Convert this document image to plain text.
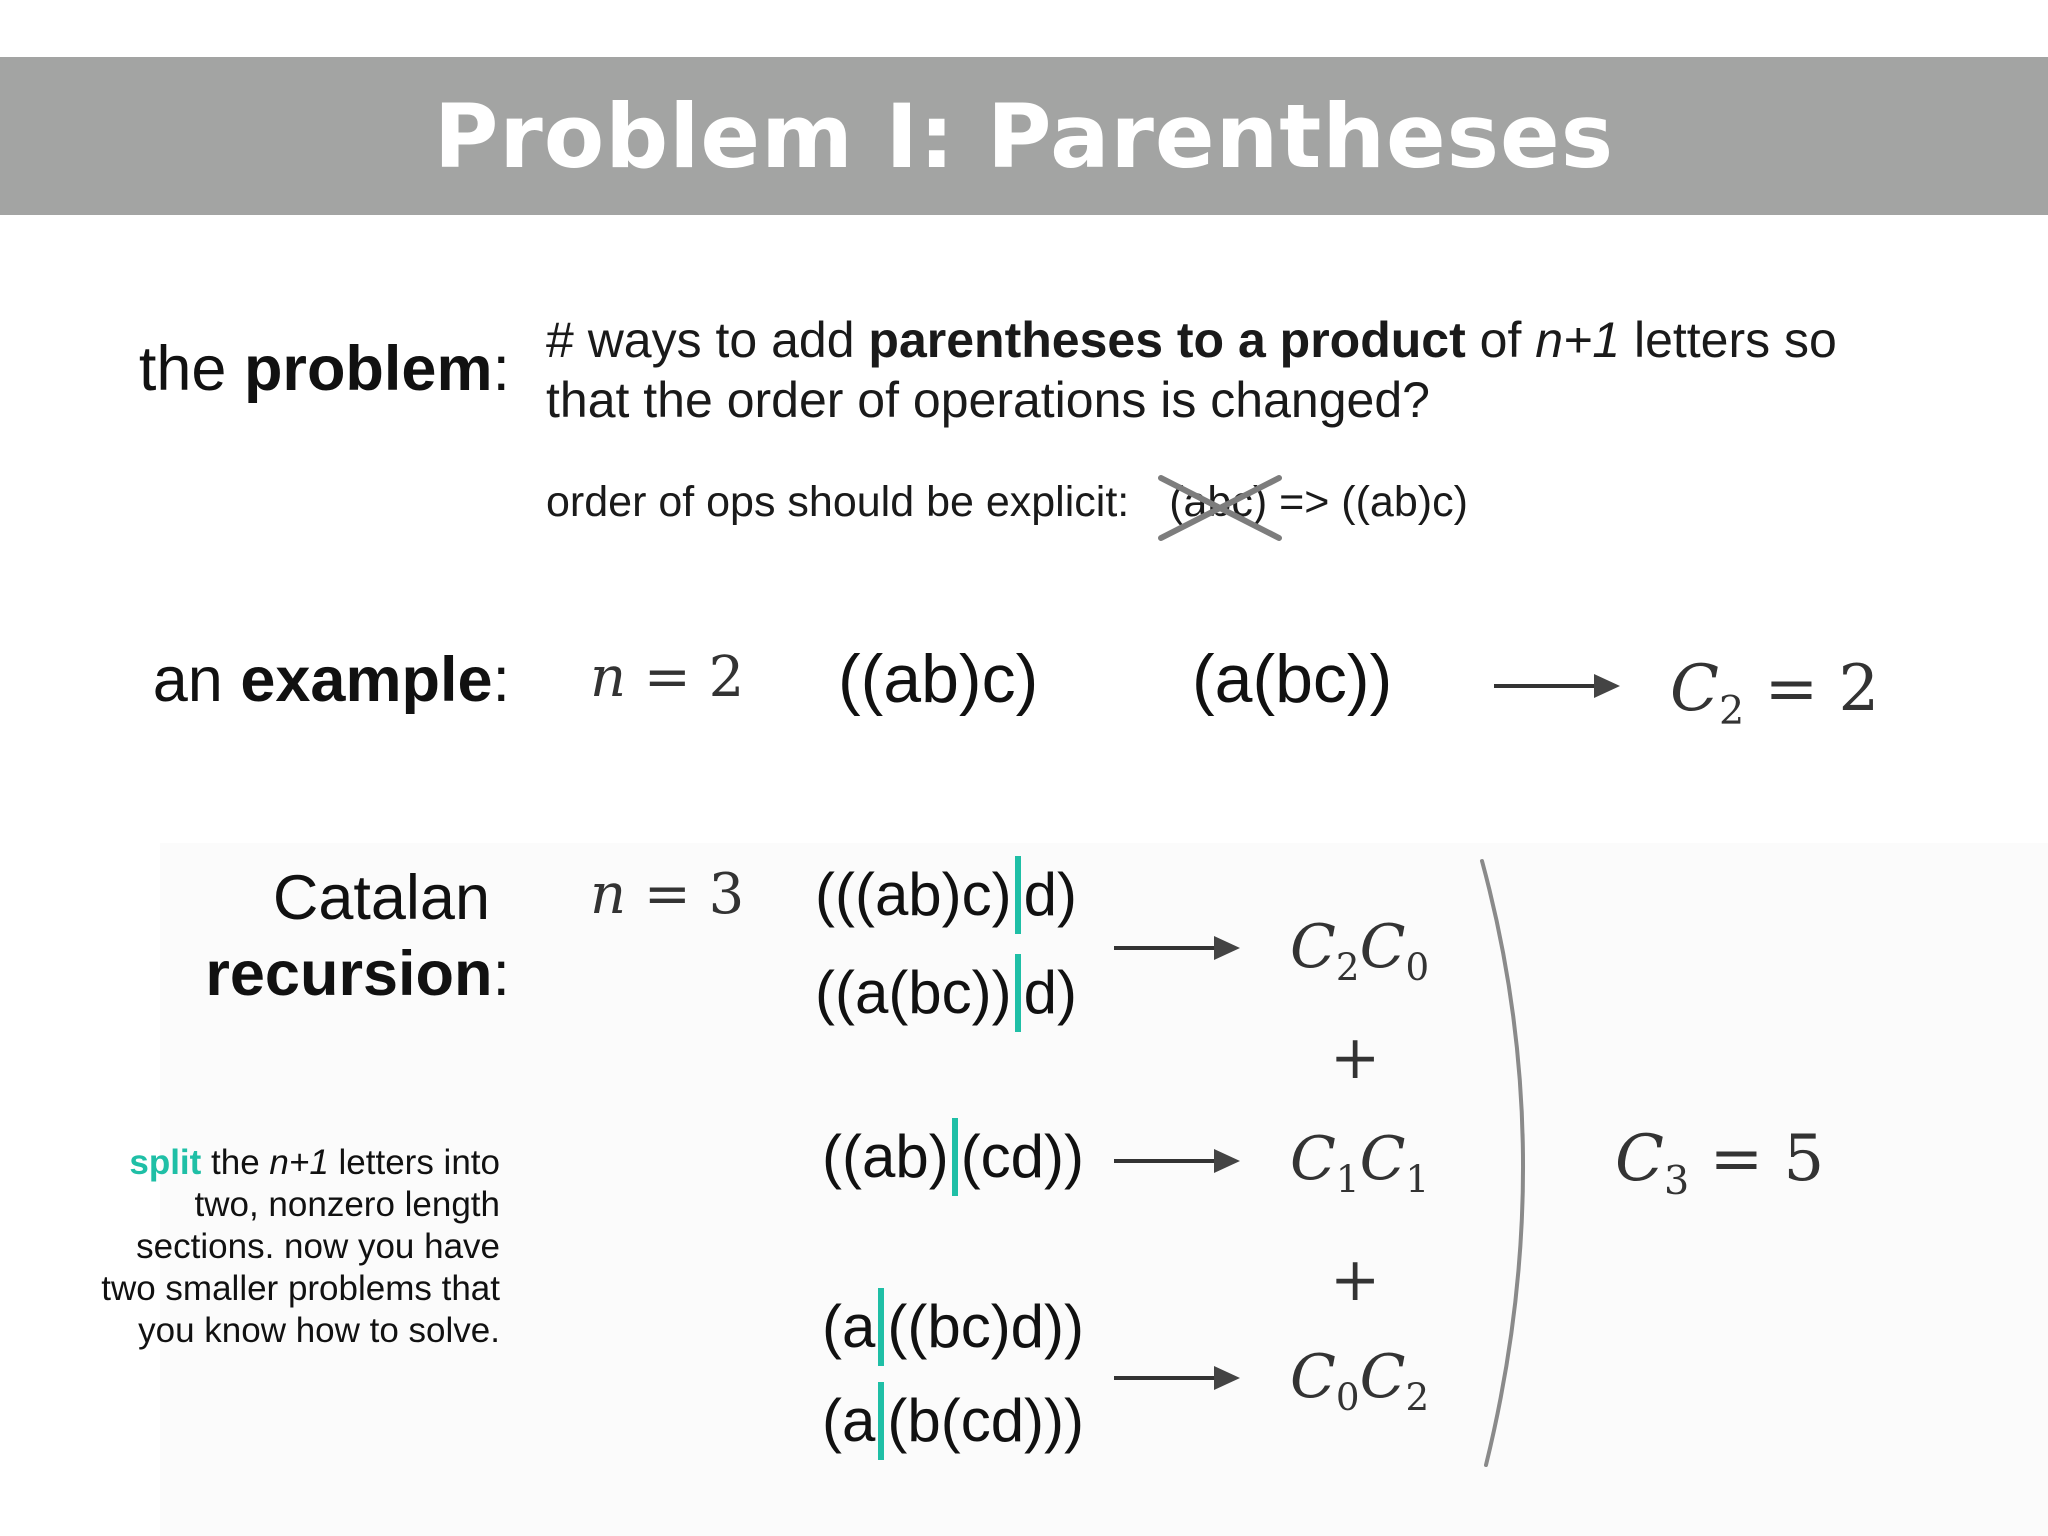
Problem I: Parentheses
the problem: # ways to add parentheses to a product of n+1 letters so
that the order of operations is changed?
order of ops should be explicit: (abc) => ((ab)c)
an example: n = 2 ((ab)c) (a(bc))	$C_2 = 2$
Catalan
recursion:
n = 3 (((ab)c) d)
((a(bc)) d)
((ab) (cd))
(a ((bc)d))
(a (b(cd)))
$C_2C_0$
+
$C_1C_1$
+
$C_0C_2$
$C_3 = 5$
split the n+1 letters into
two, nonzero length
sections. now you have
two smaller problems that
you know how to solve.
